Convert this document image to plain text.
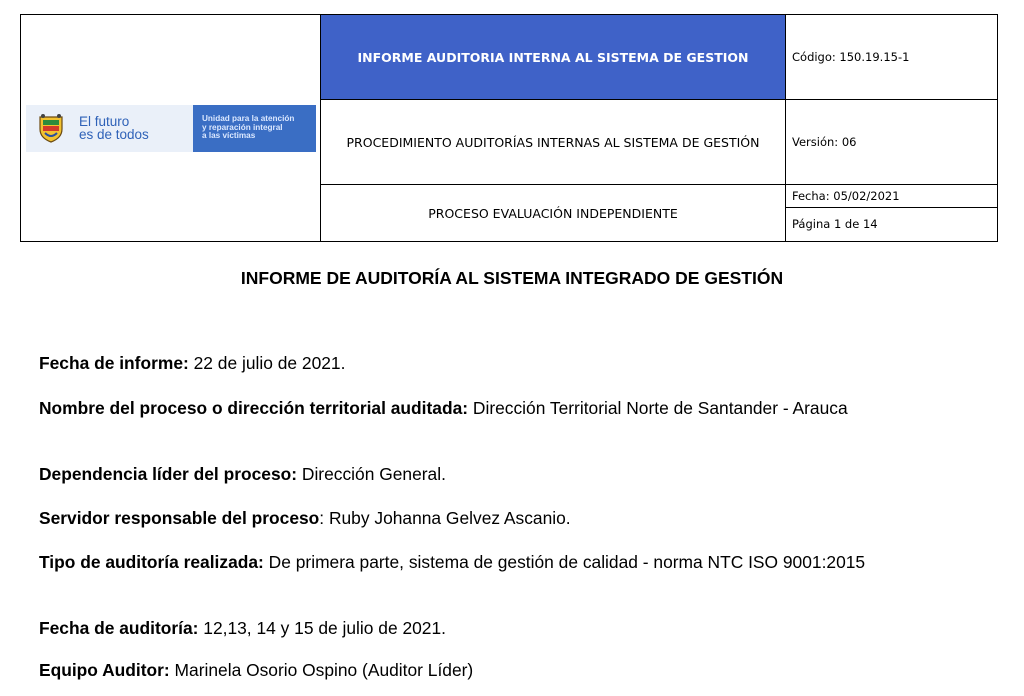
El futuro
es de todos
Unidad para la atención
y reparación integral
a las víctimas	INFORME AUDITORIA INTERNA AL SISTEMA DE GESTION	Código: 150.19.15-1
	PROCEDIMIENTO AUDITORÍAS INTERNAS AL SISTEMA DE GESTIÓN	Versión: 06
	PROCESO EVALUACIÓN INDEPENDIENTE	Fecha: 05/02/2021
		Página 1 de 14
INFORME DE AUDITORÍA AL SISTEMA INTEGRADO DE GESTIÓN
Fecha de informe: 22 de julio de 2021.
Nombre del proceso o dirección territorial auditada: Dirección Territorial Norte de Santander - Arauca
Dependencia líder del proceso: Dirección General.
Servidor responsable del proceso: Ruby Johanna Gelvez Ascanio.
Tipo de auditoría realizada: De primera parte, sistema de gestión de calidad - norma NTC ISO 9001:2015
Fecha de auditoría: 12,13, 14 y 15 de julio de 2021.
Equipo Auditor: Marinela Osorio Ospino (Auditor Líder)
